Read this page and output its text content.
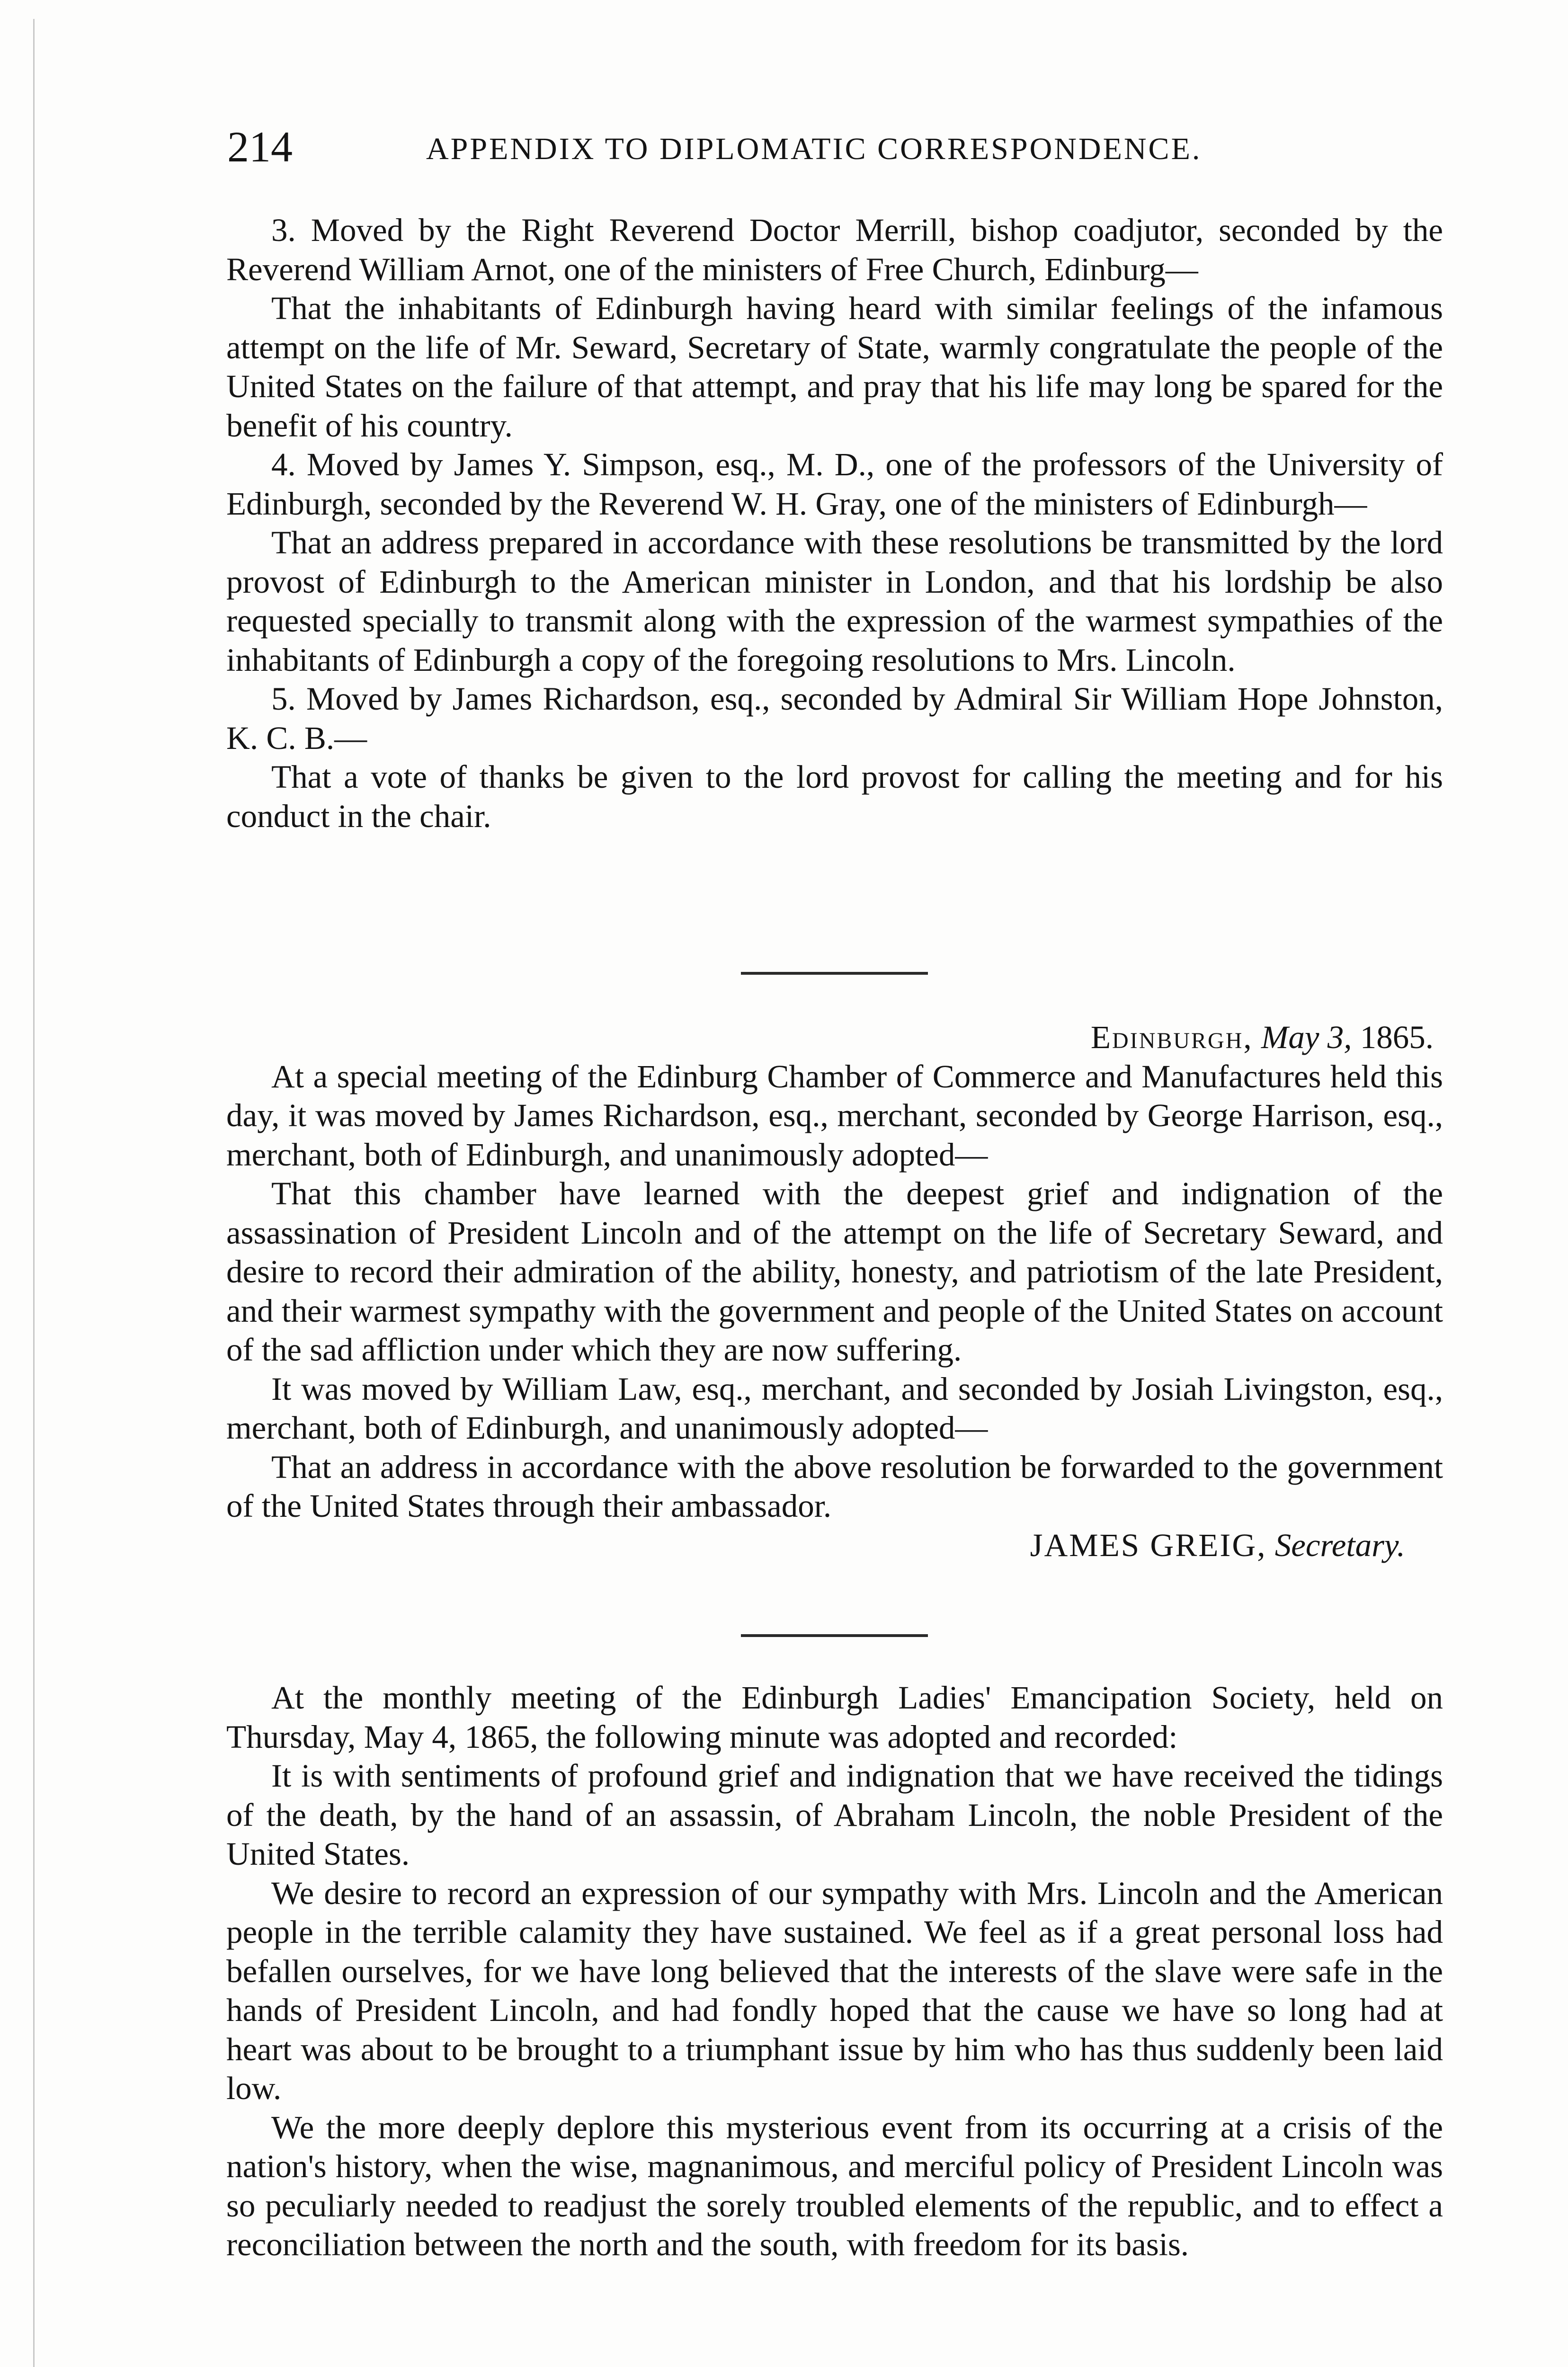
214	APPENDIX TO DIPLOMATIC CORRESPONDENCE.

3. Moved by the Right Reverend Doctor Merrill, bishop coadjutor, seconded by the Reverend William Arnot, one of the ministers of Free Church, Edinburg—

That the inhabitants of Edinburgh having heard with similar feelings of the infamous attempt on the life of Mr. Seward, Secretary of State, warmly congratulate the people of the United States on the failure of that attempt, and pray that his life may long be spared for the benefit of his country.

4. Moved by James Y. Simpson, esq., M. D., one of the professors of the University of Edinburgh, seconded by the Reverend W. H. Gray, one of the ministers of Edinburgh—

That an address prepared in accordance with these resolutions be transmitted by the lord provost of Edinburgh to the American minister in London, and that his lordship be also requested specially to transmit along with the expression of the warmest sympathies of the inhabitants of Edinburgh a copy of the foregoing resolutions to Mrs. Lincoln.

5. Moved by James Richardson, esq., seconded by Admiral Sir William Hope Johnston, K. C. B.—

That a vote of thanks be given to the lord provost for calling the meeting and for his conduct in the chair.

Edinburgh, May 3, 1865.

At a special meeting of the Edinburg Chamber of Commerce and Manufactures held this day, it was moved by James Richardson, esq., merchant, seconded by George Harrison, esq., merchant, both of Edinburgh, and unanimously adopted—

That this chamber have learned with the deepest grief and indignation of the assassination of President Lincoln and of the attempt on the life of Secretary Seward, and desire to record their admiration of the ability, honesty, and patriotism of the late President, and their warmest sympathy with the government and people of the United States on account of the sad affliction under which they are now suffering.

It was moved by William Law, esq., merchant, and seconded by Josiah Livingston, esq., merchant, both of Edinburgh, and unanimously adopted—

That an address in accordance with the above resolution be forwarded to the government of the United States through their ambassador.

JAMES GREIG, Secretary.

At the monthly meeting of the Edinburgh Ladies' Emancipation Society, held on Thursday, May 4, 1865, the following minute was adopted and recorded:

It is with sentiments of profound grief and indignation that we have received the tidings of the death, by the hand of an assassin, of Abraham Lincoln, the noble President of the United States.

We desire to record an expression of our sympathy with Mrs. Lincoln and the American people in the terrible calamity they have sustained. We feel as if a great personal loss had befallen ourselves, for we have long believed that the interests of the slave were safe in the hands of President Lincoln, and had fondly hoped that the cause we have so long had at heart was about to be brought to a triumphant issue by him who has thus suddenly been laid low.

We the more deeply deplore this mysterious event from its occurring at a crisis of the nation's history, when the wise, magnanimous, and merciful policy of President Lincoln was so peculiarly needed to readjust the sorely troubled elements of the republic, and to effect a reconciliation between the north and the south, with freedom for its basis.
